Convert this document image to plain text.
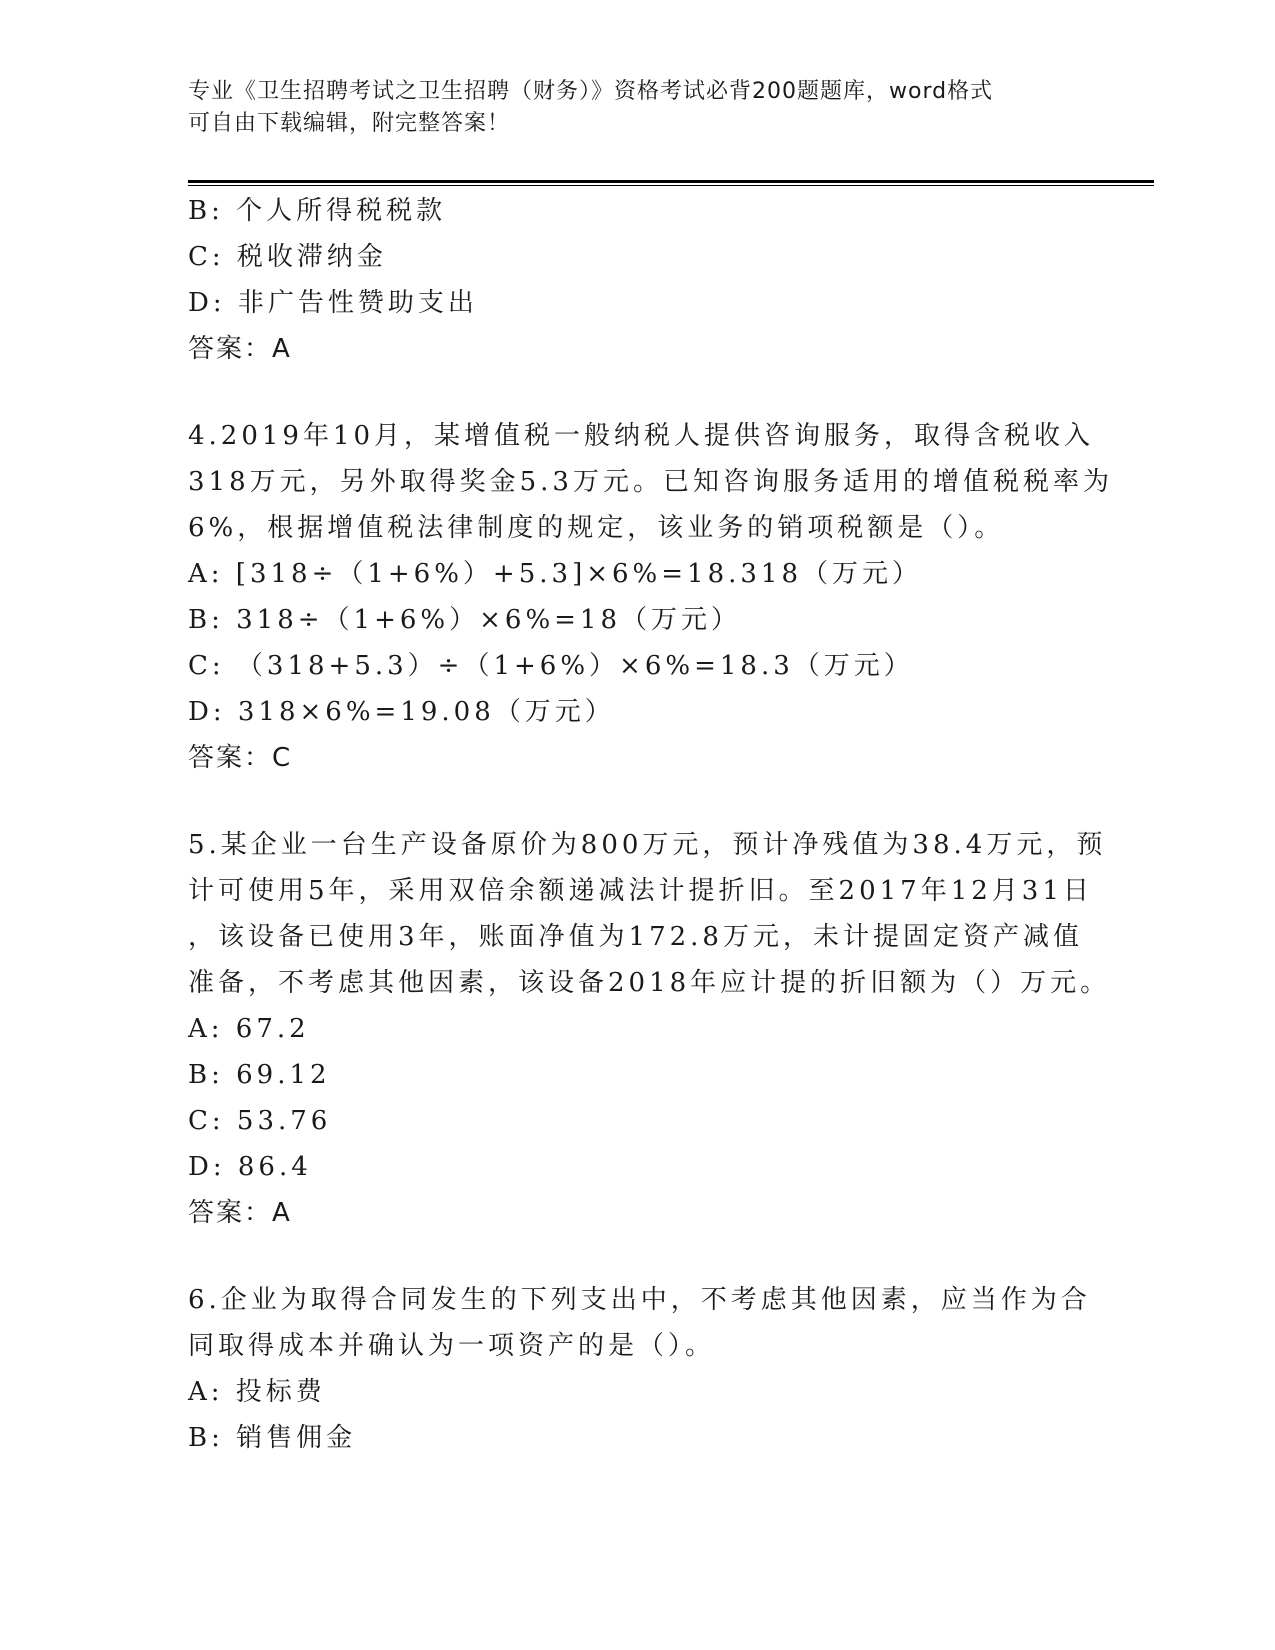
专业《卫生招聘考试之卫生招聘（财务）》资格考试必背200题题库，word格式
可自由下载编辑，附完整答案！
B: 个人所得税税款
C: 税收滞纳金
D: 非广告性赞助支出
答案：A
4.2019年10月，某增值税一般纳税人提供咨询服务，取得含税收入
318万元，另外取得奖金5.3万元。已知咨询服务适用的增值税税率为
6%，根据增值税法律制度的规定，该业务的销项税额是（）。
A: [318÷（1+6%）+5.3]×6%=18.318（万元）
B: 318÷（1+6%）×6%=18（万元）
C: （318+5.3）÷（1+6%）×6%=18.3（万元）
D: 318×6%=19.08（万元）
答案：C
5.某企业一台生产设备原价为800万元，预计净残值为38.4万元，预
计可使用5年，采用双倍余额递减法计提折旧。至2017年12月31日
，该设备已使用3年，账面净值为172.8万元，未计提固定资产减值
准备，不考虑其他因素，该设备2018年应计提的折旧额为（）万元。
A: 67.2
B: 69.12
C: 53.76
D: 86.4
答案：A
6.企业为取得合同发生的下列支出中，不考虑其他因素，应当作为合
同取得成本并确认为一项资产的是（）。
A: 投标费
B: 销售佣金
